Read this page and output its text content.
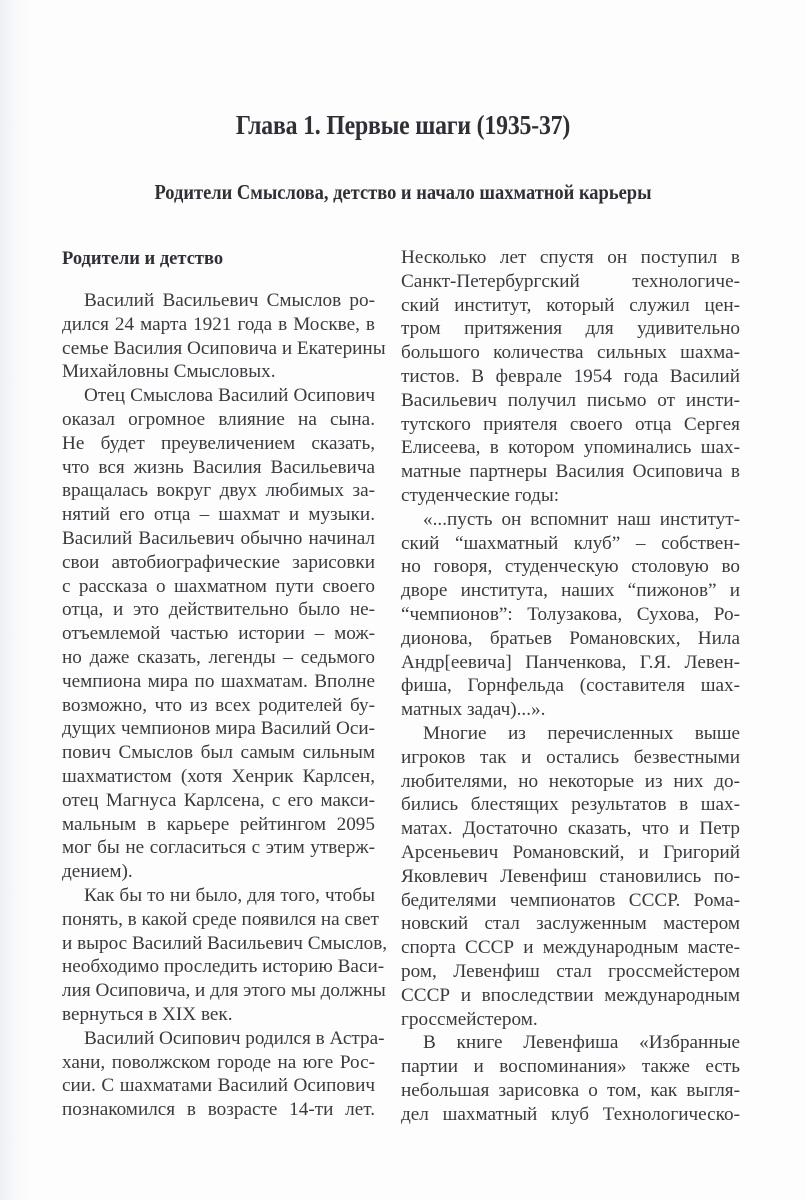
Глава 1. Первые шаги (1935-37)
Родители Смыслова, детство и начало шахматной карьеры
Родители и детство
Василий Васильевич Смыслов ро-
дился 24 марта 1921 года в Москве, в
семье Василия Осиповича и Екатерины
Михайловны Смысловых.
Отец Смыслова Василий Осипович
оказал огромное влияние на сына.
Не будет преувеличением сказать,
что вся жизнь Василия Васильевича
вращалась вокруг двух любимых за-
нятий его отца – шахмат и музыки.
Василий Васильевич обычно начинал
свои автобиографические зарисовки
с рассказа о шахматном пути своего
отца, и это действительно было не-
отъемлемой частью истории – мож-
но даже сказать, легенды – седьмого
чемпиона мира по шахматам. Вполне
возможно, что из всех родителей бу-
дущих чемпионов мира Василий Оси-
пович Смыслов был самым сильным
шахматистом (хотя Хенрик Карлсен,
отец Магнуса Карлсена, с его макси-
мальным в карьере рейтингом 2095
мог бы не согласиться с этим утверж-
дением).
Как бы то ни было, для того, чтобы
понять, в какой среде появился на свет
и вырос Василий Васильевич Смыслов,
необходимо проследить историю Васи-
лия Осиповича, и для этого мы должны
вернуться в XIX век.
Василий Осипович родился в Астра-
хани, поволжском городе на юге Рос-
сии. С шахматами Василий Осипович
познакомился в возрасте 14-ти лет.
Несколько лет спустя он поступил в
Санкт-Петербургский технологиче-
ский институт, который служил цен-
тром притяжения для удивительно
большого количества сильных шахма-
тистов. В феврале 1954 года Василий
Васильевич получил письмо от инсти-
тутского приятеля своего отца Сергея
Елисеева, в котором упоминались шах-
матные партнеры Василия Осиповича в
студенческие годы:
«...пусть он вспомнит наш институт-
ский “шахматный клуб” – собствен-
но говоря, студенческую столовую во
дворе института, наших “пижонов” и
“чемпионов”: Толузакова, Сухова, Ро-
дионова, братьев Романовских, Нила
Андр[еевича] Панченкова, Г.Я. Левен-
фиша, Горнфельда (составителя шах-
матных задач)...».
Многие из перечисленных выше
игроков так и остались безвестными
любителями, но некоторые из них до-
бились блестящих результатов в шах-
матах. Достаточно сказать, что и Петр
Арсеньевич Романовский, и Григорий
Яковлевич Левенфиш становились по-
бедителями чемпионатов СССР. Рома-
новский стал заслуженным мастером
спорта СССР и международным масте-
ром, Левенфиш стал гроссмейстером
СССР и впоследствии международным
гроссмейстером.
В книге Левенфиша «Избранные
партии и воспоминания» также есть
небольшая зарисовка о том, как выгля-
дел шахматный клуб Технологическо-
